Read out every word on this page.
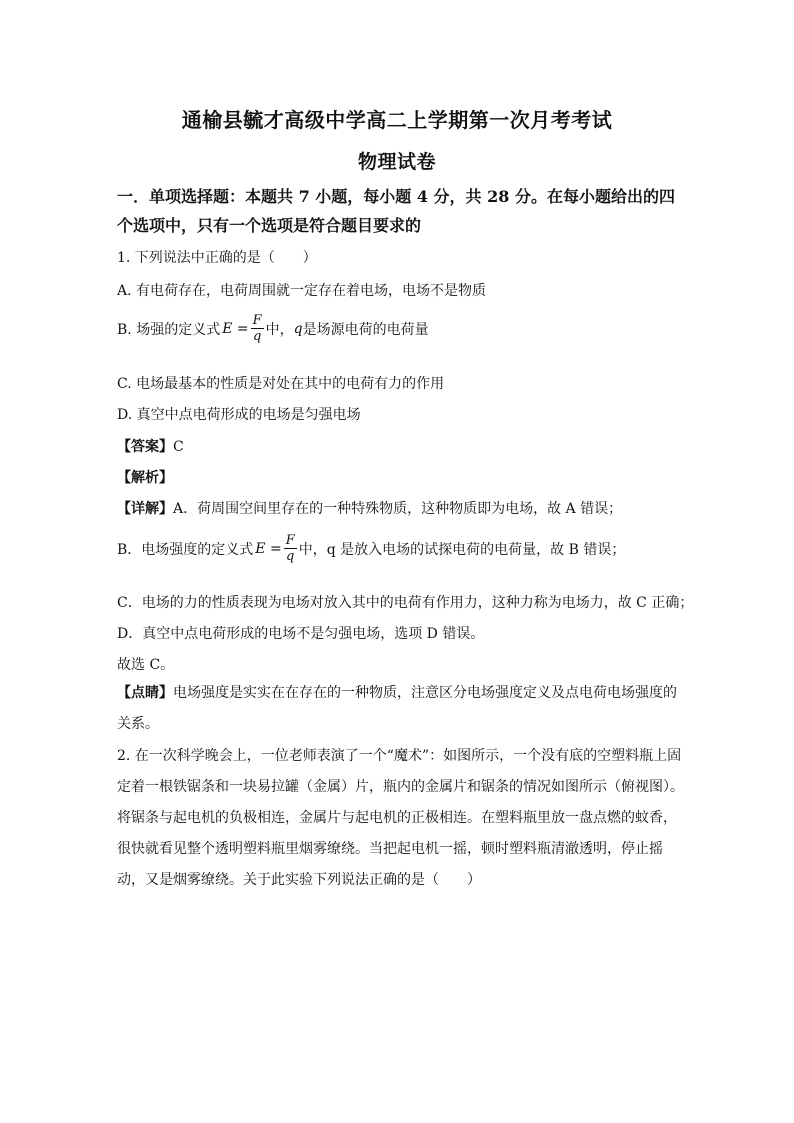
通榆县毓才高级中学高二上学期第一次月考考试
物理试卷
一．单项选择题：本题共 7 小题，每小题 4 分，共 28 分。在每小题给出的四个选项中，只有一个选项是符合题目要求的
1. 下列说法中正确的是（　　）
A. 有电荷存在，电荷周围就一定存在着电场，电场不是物质
B. 场强的定义式 $E = \frac{F}{q}$ 中， q 是场源电荷的电荷量
C. 电场最基本的性质是对处在其中的电荷有力的作用
D. 真空中点电荷形成的电场是匀强电场
【答案】C
【解析】
【详解】A．荷周围空间里存在的一种特殊物质，这种物质即为电场，故 A 错误；
B．电场强度的定义式 $E = \frac{F}{q}$ 中，q 是放入电场的试探电荷的电荷量，故 B 错误；
C．电场的力的性质表现为电场对放入其中的电荷有作用力，这种力称为电场力，故 C 正确；
D．真空中点电荷形成的电场不是匀强电场，选项 D 错误。
故选 C。
【点睛】电场强度是实实在在存在的一种物质，注意区分电场强度定义及点电荷电场强度的关系。
2. 在一次科学晚会上，一位老师表演了一个“魔术”：如图所示，一个没有底的空塑料瓶上固定着一根铁锯条和一块易拉罐（金属）片，瓶内的金属片和锯条的情况如图所示（俯视图）。将锯条与起电机的负极相连，金属片与起电机的正极相连。在塑料瓶里放一盘点燃的蚊香，很快就看见整个透明塑料瓶里烟雾缭绕。当把起电机一摇，顿时塑料瓶清澈透明，停止摇动，又是烟雾缭绕。关于此实验下列说法正确的是（　　）
